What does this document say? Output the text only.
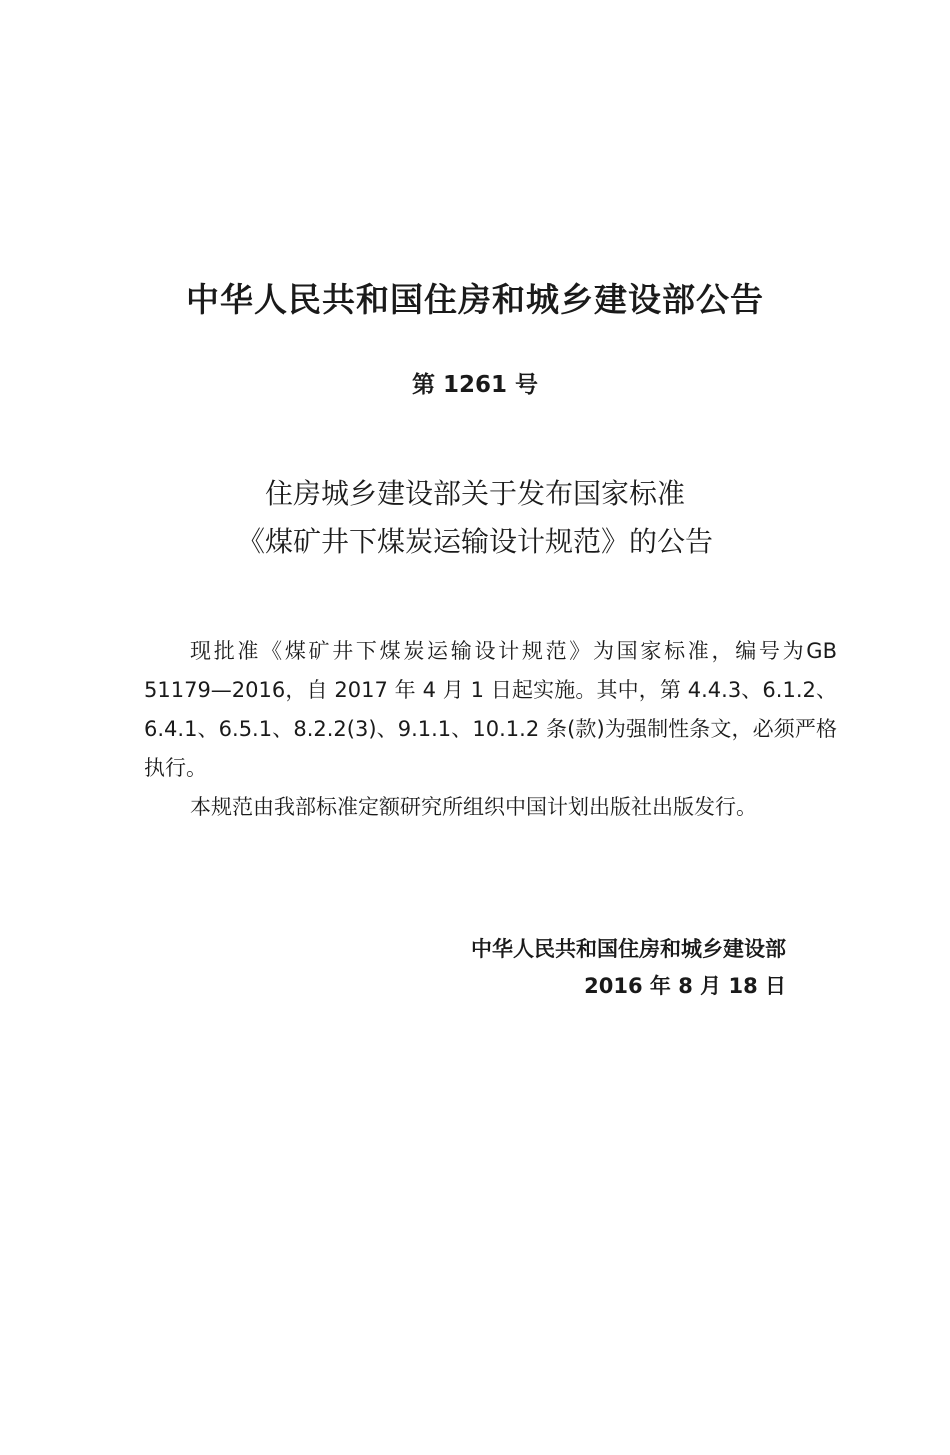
中华人民共和国住房和城乡建设部公告
第 1261 号
住房城乡建设部关于发布国家标准
《煤矿井下煤炭运输设计规范》的公告
现批准《煤矿井下煤炭运输设计规范》为国家标准，编号为GB 51179—2016，自 2017 年 4 月 1 日起实施。其中，第 4.4.3、6.1.2、6.4.1、6.5.1、8.2.2(3)、9.1.1、10.1.2 条(款)为强制性条文，必须严格执行。
本规范由我部标准定额研究所组织中国计划出版社出版发行。
中华人民共和国住房和城乡建设部
2016 年 8 月 18 日
